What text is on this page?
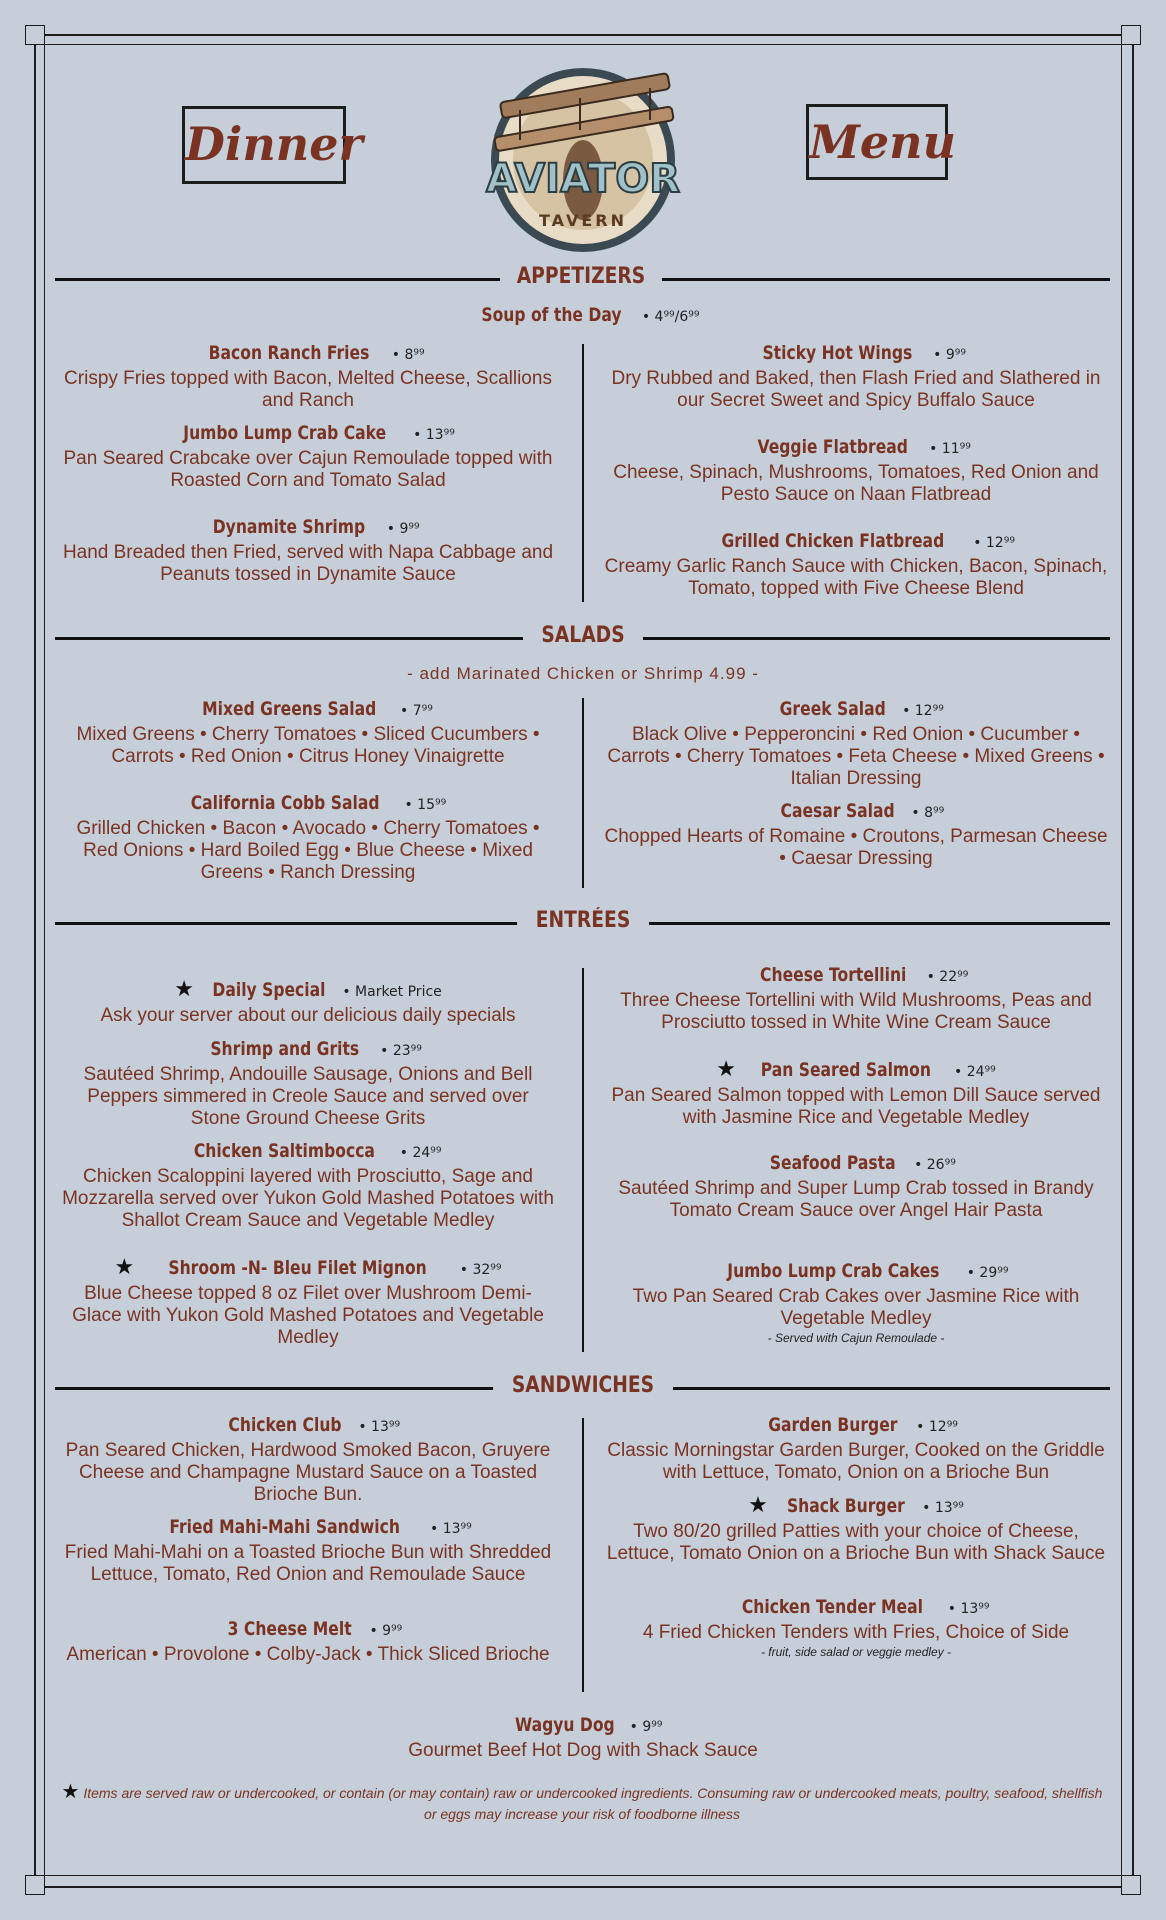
Dinner	Menu
AVIATOR
TAVERN
APPETIZERS
Soup of the Day • 4⁹⁹/6⁹⁹
Bacon Ranch Fries • 8⁹⁹
Crispy Fries topped with Bacon, Melted Cheese, Scallions and Ranch
Jumbo Lump Crab Cake • 13⁹⁹
Pan Seared Crabcake over Cajun Remoulade topped with Roasted Corn and Tomato Salad
Dynamite Shrimp • 9⁹⁹
Hand Breaded then Fried, served with Napa Cabbage and Peanuts tossed in Dynamite Sauce
Sticky Hot Wings • 9⁹⁹
Dry Rubbed and Baked, then Flash Fried and Slathered in our Secret Sweet and Spicy Buffalo Sauce
Veggie Flatbread • 11⁹⁹
Cheese, Spinach, Mushrooms, Tomatoes, Red Onion and Pesto Sauce on Naan Flatbread
Grilled Chicken Flatbread • 12⁹⁹
Creamy Garlic Ranch Sauce with Chicken, Bacon, Spinach, Tomato, topped with Five Cheese Blend
SALADS
- add Marinated Chicken or Shrimp 4.99 -
Mixed Greens Salad • 7⁹⁹
Mixed Greens • Cherry Tomatoes • Sliced Cucumbers • Carrots • Red Onion • Citrus Honey Vinaigrette
California Cobb Salad • 15⁹⁹
Grilled Chicken • Bacon • Avocado • Cherry Tomatoes • Red Onions • Hard Boiled Egg • Blue Cheese • Mixed Greens • Ranch Dressing
Greek Salad • 12⁹⁹
Black Olive • Pepperoncini • Red Onion • Cucumber • Carrots • Cherry Tomatoes • Feta Cheese • Mixed Greens • Italian Dressing
Caesar Salad • 8⁹⁹
Chopped Hearts of Romaine • Croutons, Parmesan Cheese • Caesar Dressing
ENTRÉES
★ Daily Special • Market Price
Ask your server about our delicious daily specials
Shrimp and Grits • 23⁹⁹
Sautéed Shrimp, Andouille Sausage, Onions and Bell Peppers simmered in Creole Sauce and served over Stone Ground Cheese Grits
Chicken Saltimbocca • 24⁹⁹
Chicken Scaloppini layered with Prosciutto, Sage and Mozzarella served over Yukon Gold Mashed Potatoes with Shallot Cream Sauce and Vegetable Medley
★ Shroom -N- Bleu Filet Mignon • 32⁹⁹
Blue Cheese topped 8 oz Filet over Mushroom Demi-Glace with Yukon Gold Mashed Potatoes and Vegetable Medley
Cheese Tortellini • 22⁹⁹
Three Cheese Tortellini with Wild Mushrooms, Peas and Prosciutto tossed in White Wine Cream Sauce
★ Pan Seared Salmon • 24⁹⁹
Pan Seared Salmon topped with Lemon Dill Sauce served with Jasmine Rice and Vegetable Medley
Seafood Pasta • 26⁹⁹
Sautéed Shrimp and Super Lump Crab tossed in Brandy Tomato Cream Sauce over Angel Hair Pasta
Jumbo Lump Crab Cakes • 29⁹⁹
Two Pan Seared Crab Cakes over Jasmine Rice with Vegetable Medley
- Served with Cajun Remoulade -
SANDWICHES
Chicken Club • 13⁹⁹
Pan Seared Chicken, Hardwood Smoked Bacon, Gruyere Cheese and Champagne Mustard Sauce on a Toasted Brioche Bun.
Fried Mahi-Mahi Sandwich • 13⁹⁹
Fried Mahi-Mahi on a Toasted Brioche Bun with Shredded Lettuce, Tomato, Red Onion and Remoulade Sauce
3 Cheese Melt • 9⁹⁹
American • Provolone • Colby-Jack • Thick Sliced Brioche
Garden Burger • 12⁹⁹
Classic Morningstar Garden Burger, Cooked on the Griddle with Lettuce, Tomato, Onion on a Brioche Bun
★ Shack Burger • 13⁹⁹
Two 80/20 grilled Patties with your choice of Cheese, Lettuce, Tomato Onion on a Brioche Bun with Shack Sauce
Chicken Tender Meal • 13⁹⁹
4 Fried Chicken Tenders with Fries, Choice of Side
- fruit, side salad or veggie medley -
Wagyu Dog • 9⁹⁹
Gourmet Beef Hot Dog with Shack Sauce
★ Items are served raw or undercooked, or contain (or may contain) raw or undercooked ingredients. Consuming raw or undercooked meats, poultry, seafood, shellfish or eggs may increase your risk of foodborne illness
